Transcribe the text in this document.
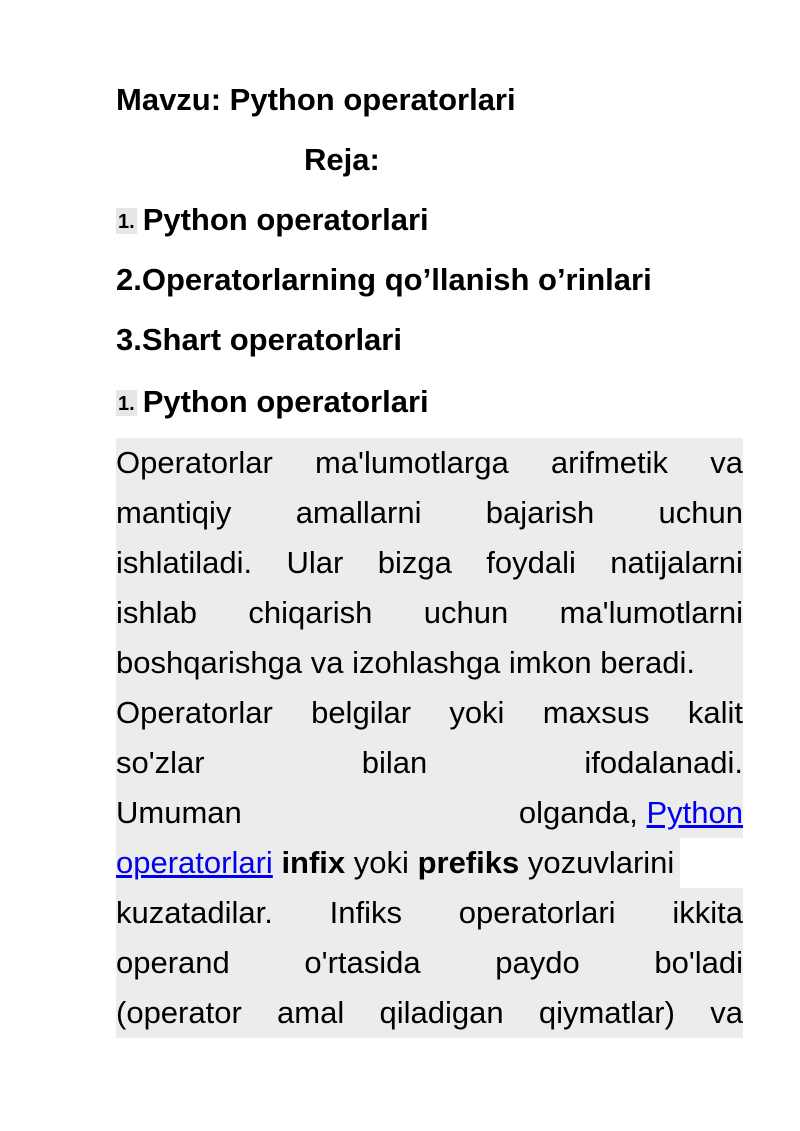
Mavzu: Python operatorlari
Reja:
1. Python operatorlari
2.Operatorlarning qo’llanish o’rinlari
3.Shart operatorlari
1. Python operatorlari
Operatorlar ma'lumotlarga arifmetik va
mantiqiy amallarni bajarish uchun
ishlatiladi. Ular bizga foydali natijalarni
ishlab chiqarish uchun ma'lumotlarni
boshqarishga va izohlashga imkon beradi.
Operatorlar belgilar yoki maxsus kalit
so'zlar	bilan	ifodalanadi.
Umuman	olganda, Python
operatorlari infix yoki prefiks yozuvlarini
kuzatadilar. Infiks operatorlari ikkita
operand o'rtasida paydo bo'ladi
(operator amal qiladigan qiymatlar) va
